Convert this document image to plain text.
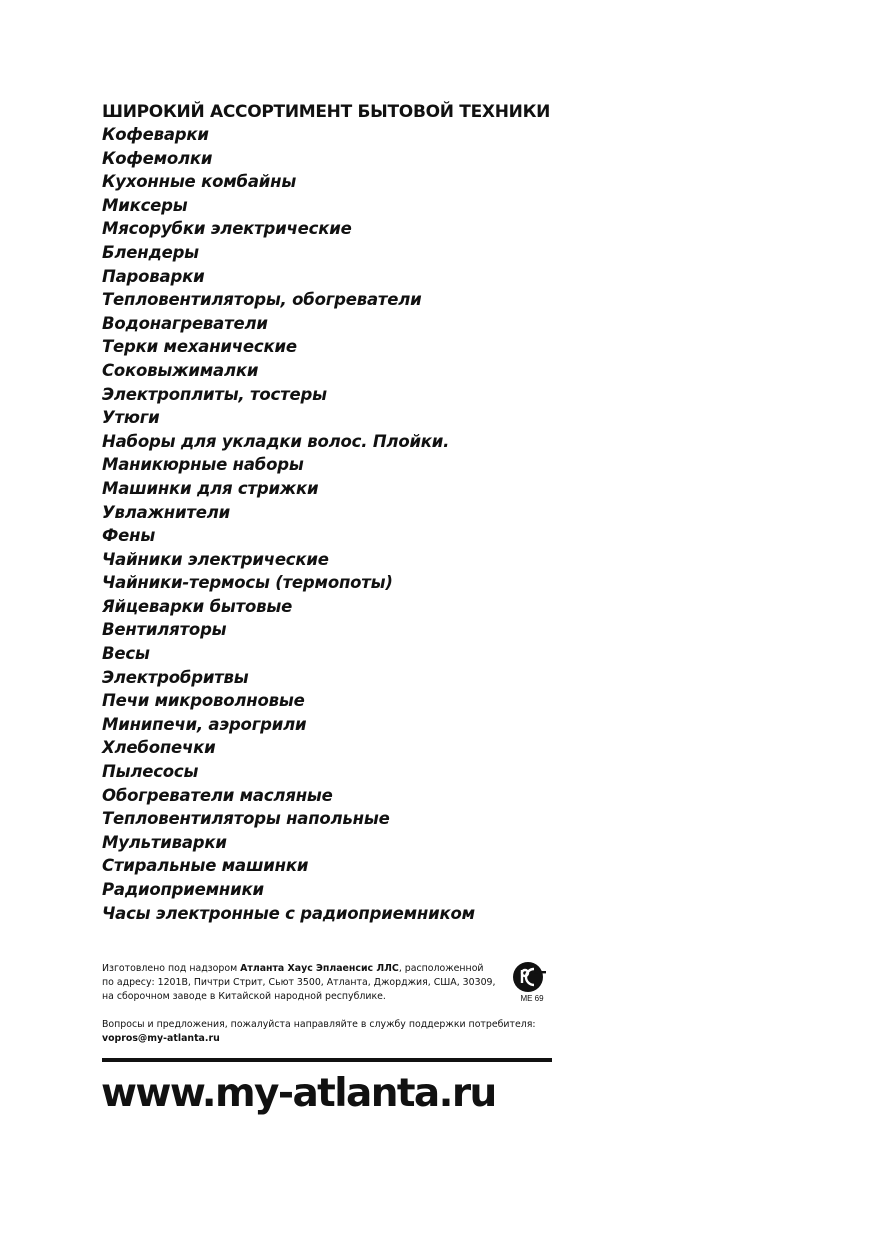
ШИРОКИЙ АССОРТИМЕНТ БЫТОВОЙ ТЕХНИКИ
Кофеварки
Кофемолки
Кухонные комбайны
Миксеры
Мясорубки электрические
Блендеры
Пароварки
Тепловентиляторы, обогреватели
Водонагреватели
Терки механические
Соковыжималки
Электроплиты, тостеры
Утюги
Наборы для укладки волос. Плойки.
Маникюрные наборы
Машинки для стрижки
Увлажнители
Фены
Чайники электрические
Чайники-термосы (термопоты)
Яйцеварки бытовые
Вентиляторы
Весы
Электробритвы
Печи микроволновые
Минипечи, аэрогрили
Хлебопечки
Пылесосы
Обогреватели масляные
Тепловентиляторы напольные
Мультиварки
Стиральные машинки
Радиоприемники
Часы электронные с радиоприемником
Изготовлено под надзором Атланта Хаус Эплаенсис ЛЛС, расположенной по адресу: 1201B, Пичтри Стрит, Сьют 3500, Атланта, Джорджия, США, 30309, на сборочном заводе в Китайской народной республике.	ME 69
Вопросы и предложения, пожалуйста направляйте в службу поддержки потребителя:
vopros@my-atlanta.ru
www.my-atlanta.ru
